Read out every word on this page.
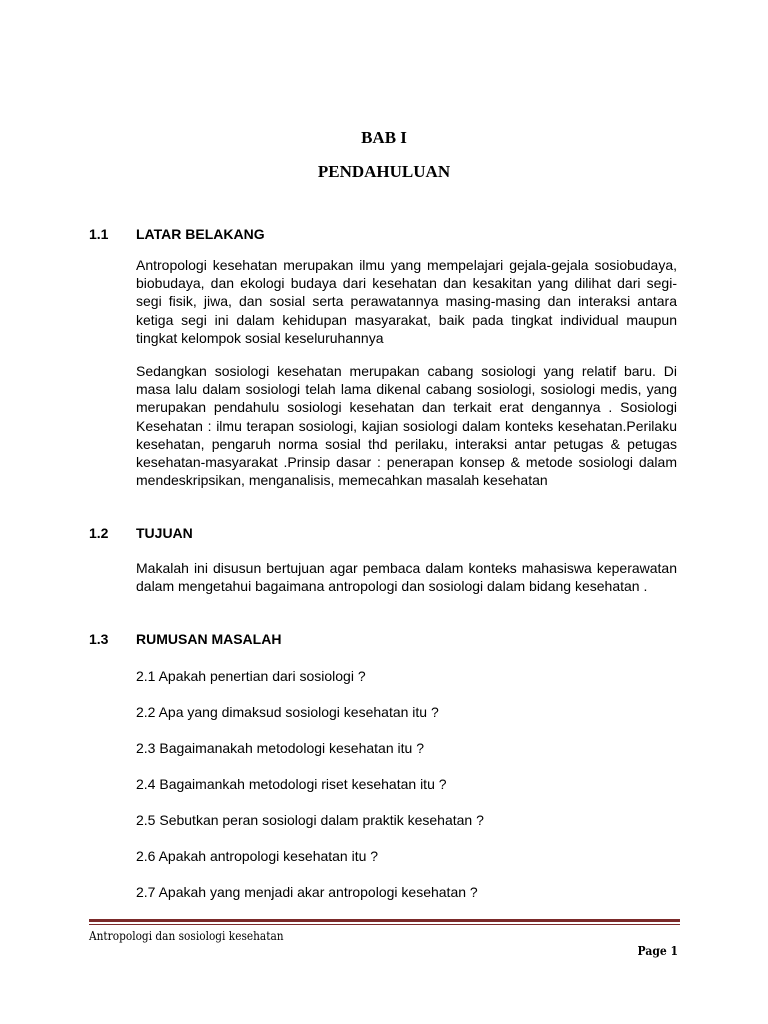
BAB I

PENDAHULUAN

1.1 LATAR BELAKANG

Antropologi kesehatan merupakan ilmu yang mempelajari gejala-gejala sosiobudaya, biobudaya, dan ekologi budaya dari kesehatan dan kesakitan yang dilihat dari segi-segi fisik, jiwa, dan sosial serta perawatannya masing-masing dan interaksi antara ketiga segi ini dalam kehidupan masyarakat, baik pada tingkat individual maupun tingkat kelompok sosial keseluruhannya

Sedangkan sosiologi kesehatan merupakan cabang sosiologi yang relatif baru. Di masa lalu dalam sosiologi telah lama dikenal cabang sosiologi, sosiologi medis, yang merupakan pendahulu sosiologi kesehatan dan terkait erat dengannya . Sosiologi Kesehatan : ilmu terapan sosiologi, kajian sosiologi dalam konteks kesehatan.Perilaku kesehatan, pengaruh norma sosial thd perilaku, interaksi antar petugas & petugas kesehatan-masyarakat .Prinsip dasar : penerapan konsep & metode sosiologi dalam mendeskripsikan, menganalisis, memecahkan masalah kesehatan

1.2 TUJUAN

Makalah ini disusun bertujuan agar pembaca dalam konteks mahasiswa keperawatan dalam mengetahui bagaimana antropologi dan sosiologi dalam bidang kesehatan .

1.3 RUMUSAN MASALAH

2.1 Apakah penertian dari sosiologi ?

2.2 Apa yang dimaksud sosiologi kesehatan itu ?

2.3 Bagaimanakah metodologi kesehatan itu ?

2.4 Bagaimankah metodologi riset kesehatan itu ?

2.5 Sebutkan peran sosiologi dalam praktik kesehatan ?

2.6 Apakah antropologi kesehatan itu ?

2.7 Apakah yang menjadi akar antropologi kesehatan ?

Antropologi dan sosiologi kesehatan

Page 1
